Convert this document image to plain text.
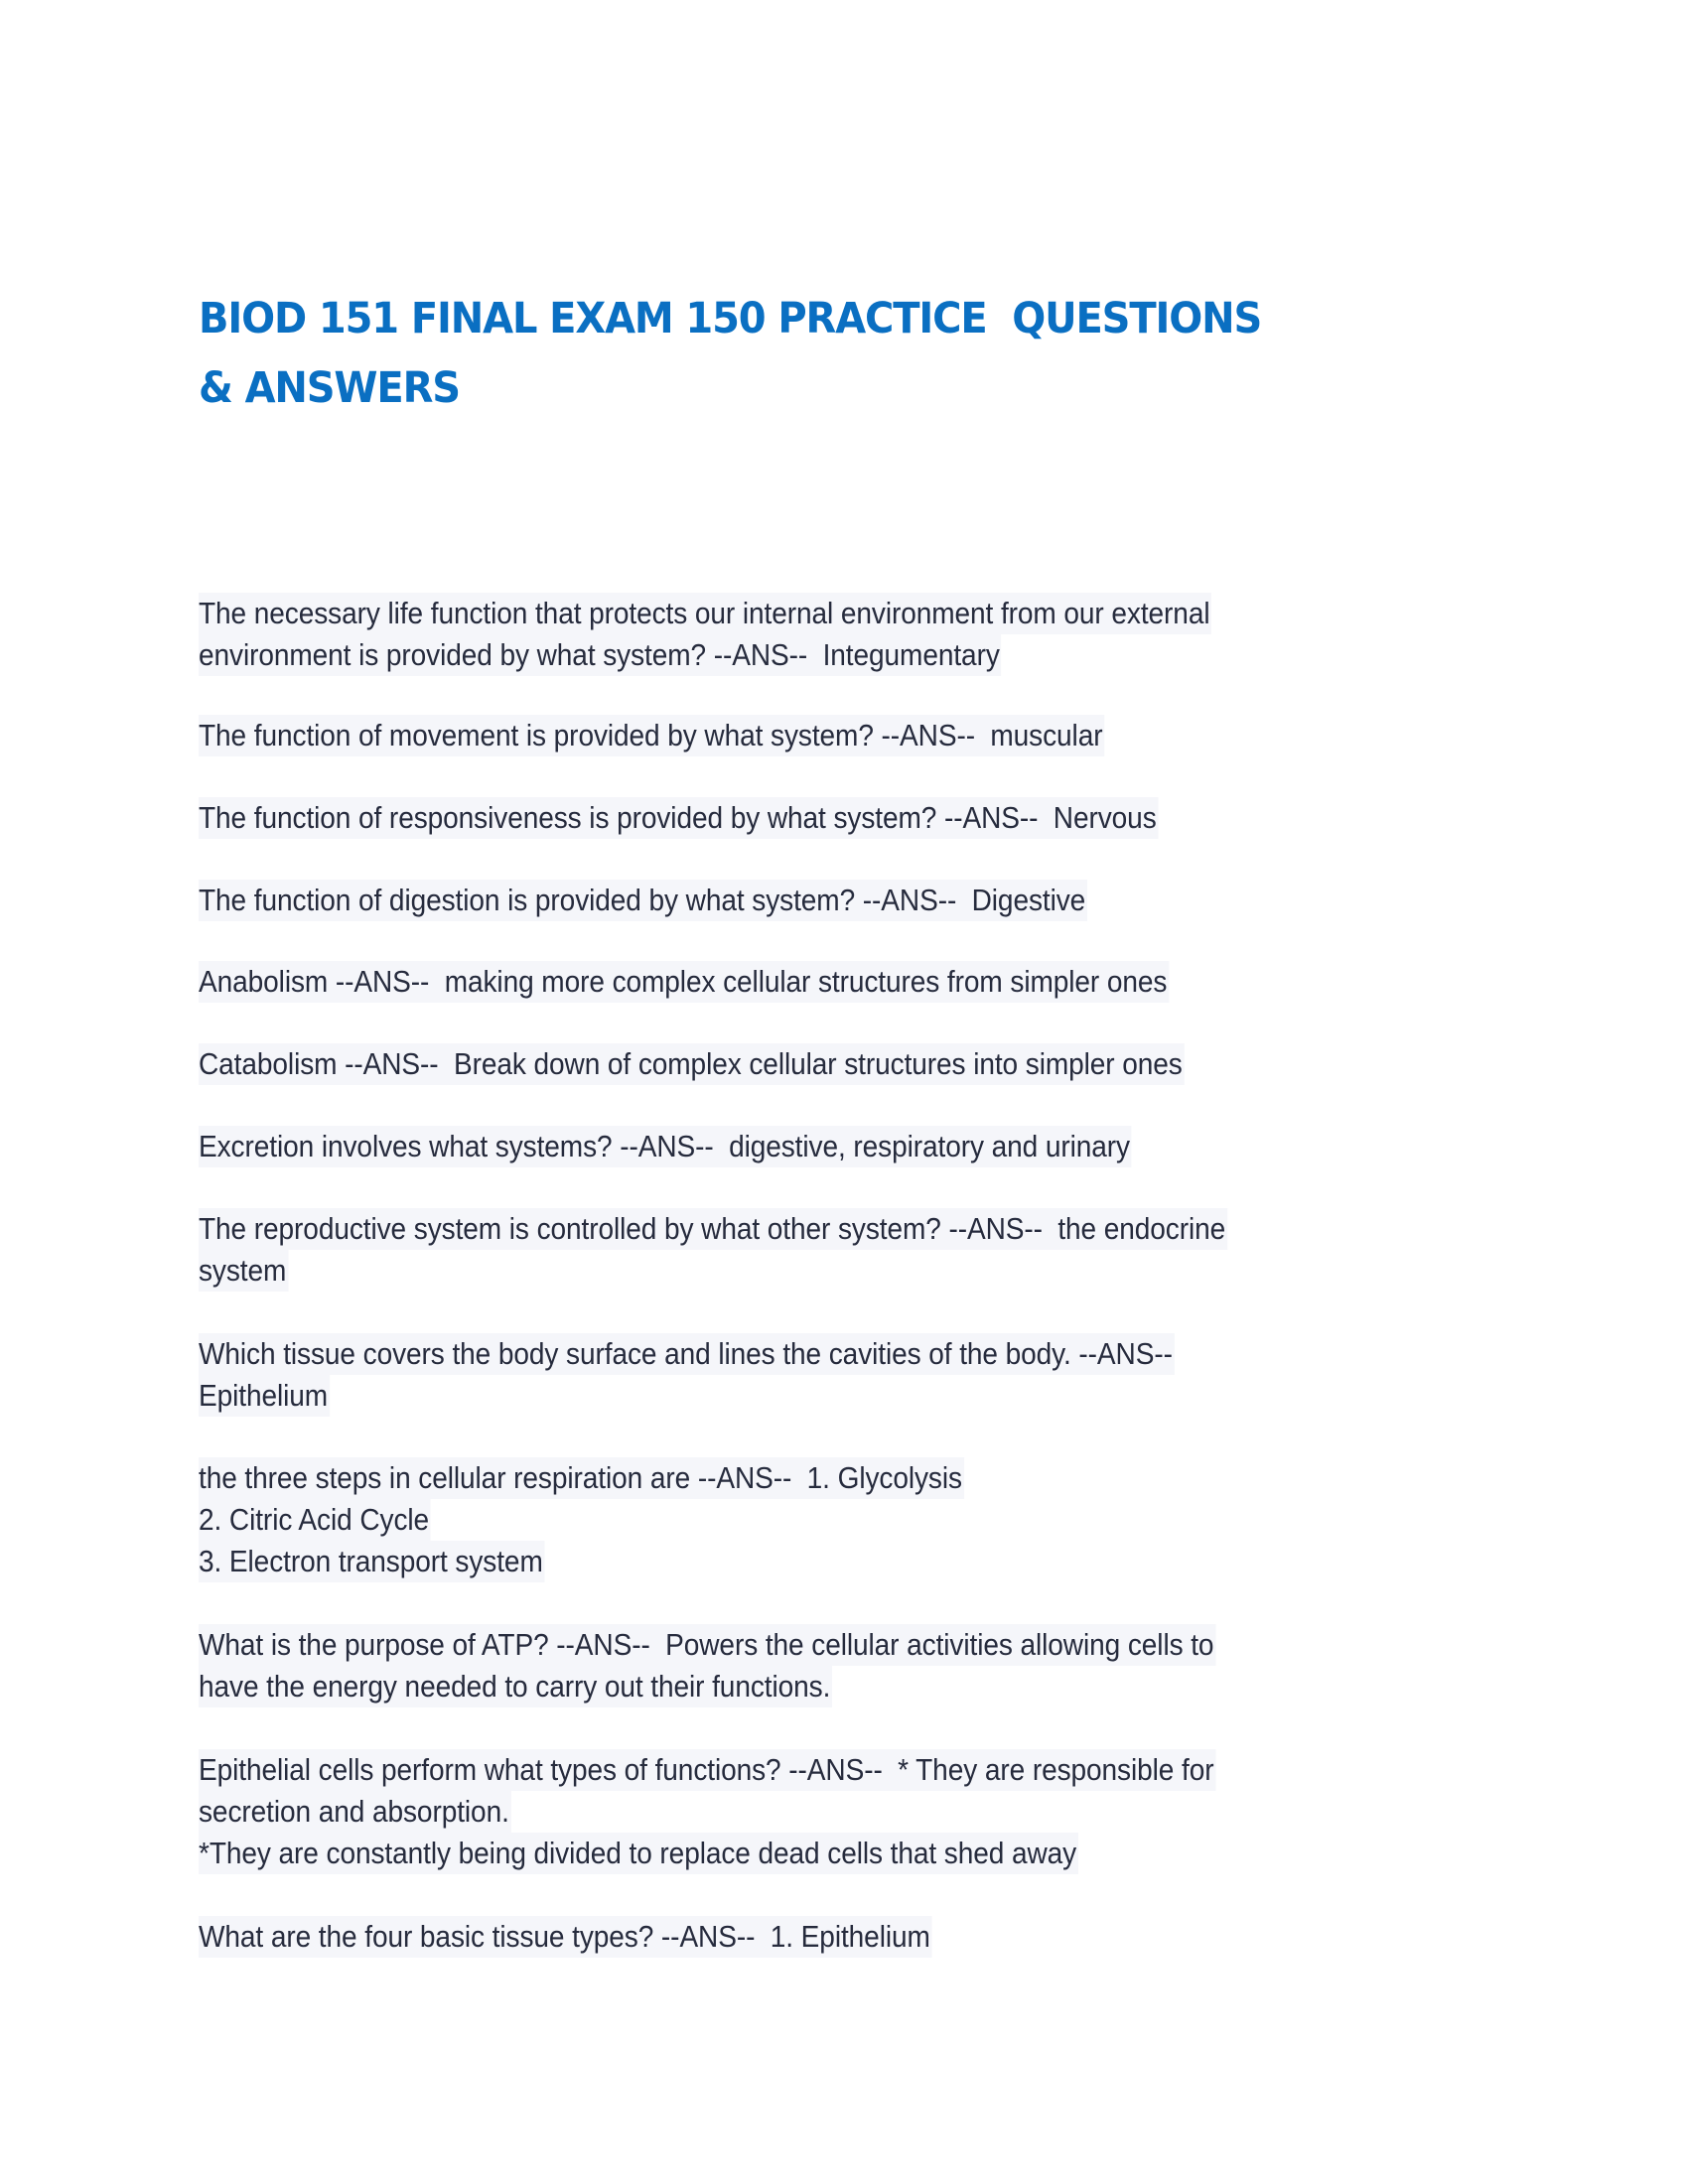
BIOD 151 FINAL EXAM 150 PRACTICE  QUESTIONS
& ANSWERS
The necessary life function that protects our internal environment from our external
environment is provided by what system? --ANS--  Integumentary
The function of movement is provided by what system? --ANS--  muscular
The function of responsiveness is provided by what system? --ANS--  Nervous
The function of digestion is provided by what system? --ANS--  Digestive
Anabolism --ANS--  making more complex cellular structures from simpler ones
Catabolism --ANS--  Break down of complex cellular structures into simpler ones
Excretion involves what systems? --ANS--  digestive, respiratory and urinary
The reproductive system is controlled by what other system? --ANS--  the endocrine
system
Which tissue covers the body surface and lines the cavities of the body. --ANS--
Epithelium
the three steps in cellular respiration are --ANS--  1. Glycolysis
2. Citric Acid Cycle
3. Electron transport system
What is the purpose of ATP? --ANS--  Powers the cellular activities allowing cells to
have the energy needed to carry out their functions.
Epithelial cells perform what types of functions? --ANS--  * They are responsible for
secretion and absorption.
*They are constantly being divided to replace dead cells that shed away
What are the four basic tissue types? --ANS--  1. Epithelium
